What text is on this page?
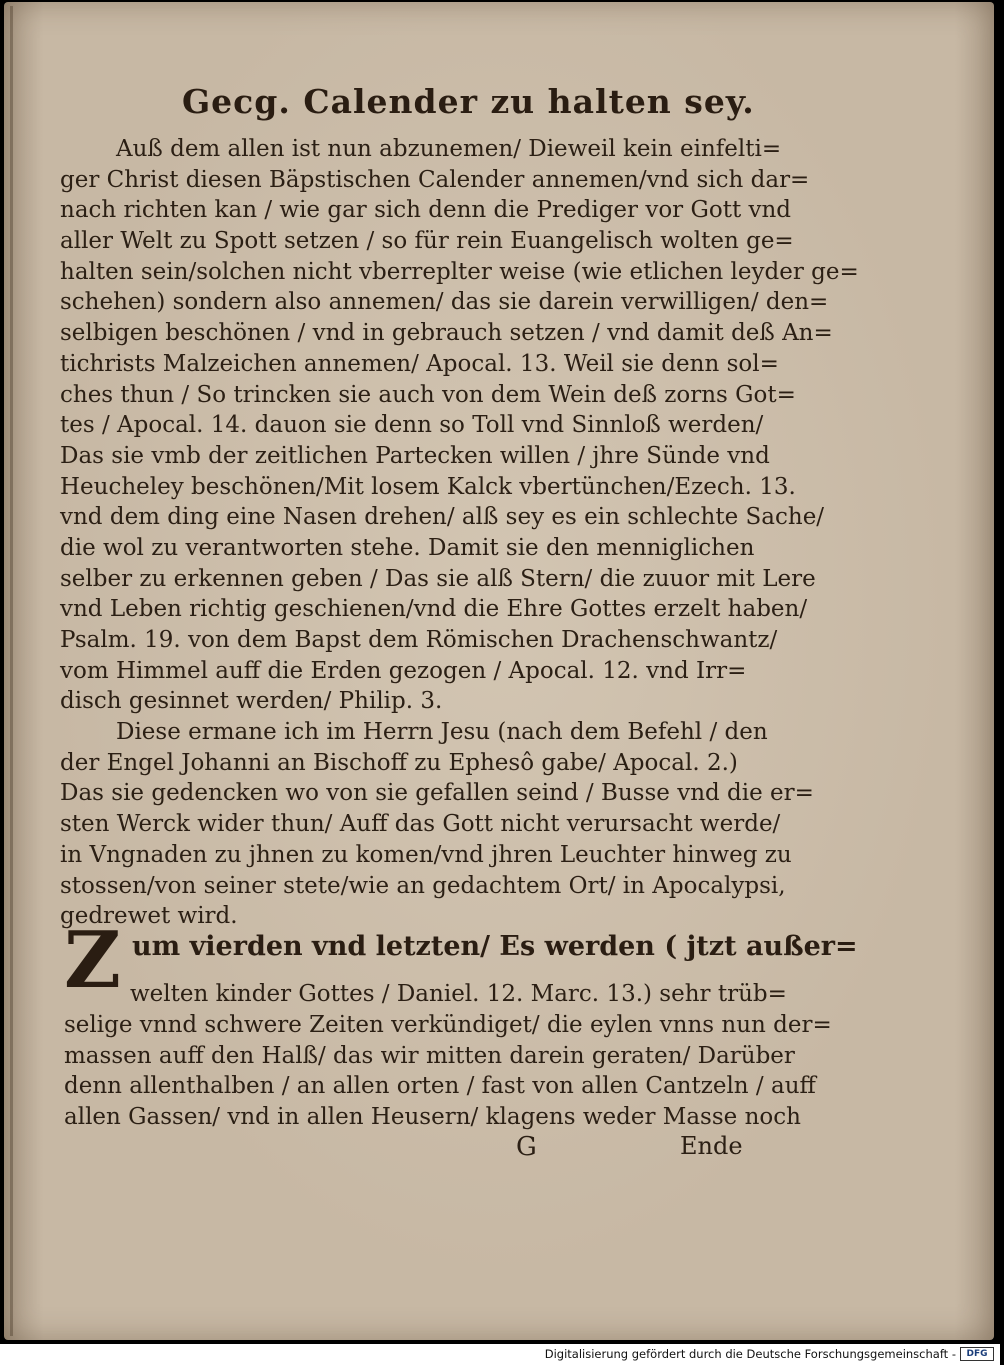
Gecg. Calender zu halten sey.
Auß dem allen ist nun abzunemen/ Dieweil kein einfelti=
ger Christ diesen Bäpstischen Calender annemen/vnd sich dar=
nach richten kan / wie gar sich denn die Prediger vor Gott vnd
aller Welt zu Spott setzen / so für rein Euangelisch wolten ge=
halten sein/solchen nicht vberreplter weise (wie etlichen leyder ge=
schehen) sondern also annemen/ das sie darein verwilligen/ den=
selbigen beschönen / vnd in gebrauch setzen / vnd damit deß An=
tichrists Malzeichen annemen/ Apocal. 13. Weil sie denn sol=
ches thun / So trincken sie auch von dem Wein deß zorns Got=
tes / Apocal. 14. dauon sie denn so Toll vnd Sinnloß werden/
Das sie vmb der zeitlichen Partecken willen / jhre Sünde vnd
Heucheley beschönen/Mit losem Kalck vbertünchen/Ezech. 13.
vnd dem ding eine Nasen drehen/ alß sey es ein schlechte Sache/
die wol zu verantworten stehe. Damit sie den menniglichen
selber zu erkennen geben / Das sie alß Stern/ die zuuor mit Lere
vnd Leben richtig geschienen/vnd die Ehre Gottes erzelt haben/
Psalm. 19. von dem Bapst dem Römischen Drachenschwantz/
vom Himmel auff die Erden gezogen / Apocal. 12. vnd Irr=
disch gesinnet werden/ Philip. 3.
Diese ermane ich im Herrn Jesu (nach dem Befehl / den
der Engel Johanni an Bischoff zu Ephesô gabe/ Apocal. 2.)
Das sie gedencken wo von sie gefallen seind / Busse vnd die er=
sten Werck wider thun/ Auff das Gott nicht verursacht werde/
in Vngnaden zu jhnen zu komen/vnd jhren Leuchter hinweg zu
stossen/von seiner stete/wie an gedachtem Ort/ in Apocalypsi,
gedrewet wird.
Z um vierden vnd letzten/ Es werden ( jtzt außer=
welten kinder Gottes / Daniel. 12. Marc. 13.) sehr trüb=
selige vnnd schwere Zeiten verkündiget/ die eylen vnns nun der=
massen auff den Halß/ das wir mitten darein geraten/ Darüber
denn allenthalben / an allen orten / fast von allen Cantzeln / auff
allen Gassen/ vnd in allen Heusern/ klagens weder Masse noch
G	Ende
Digitalisierung gefördert durch die Deutsche Forschungsgemeinschaft -	DFG
